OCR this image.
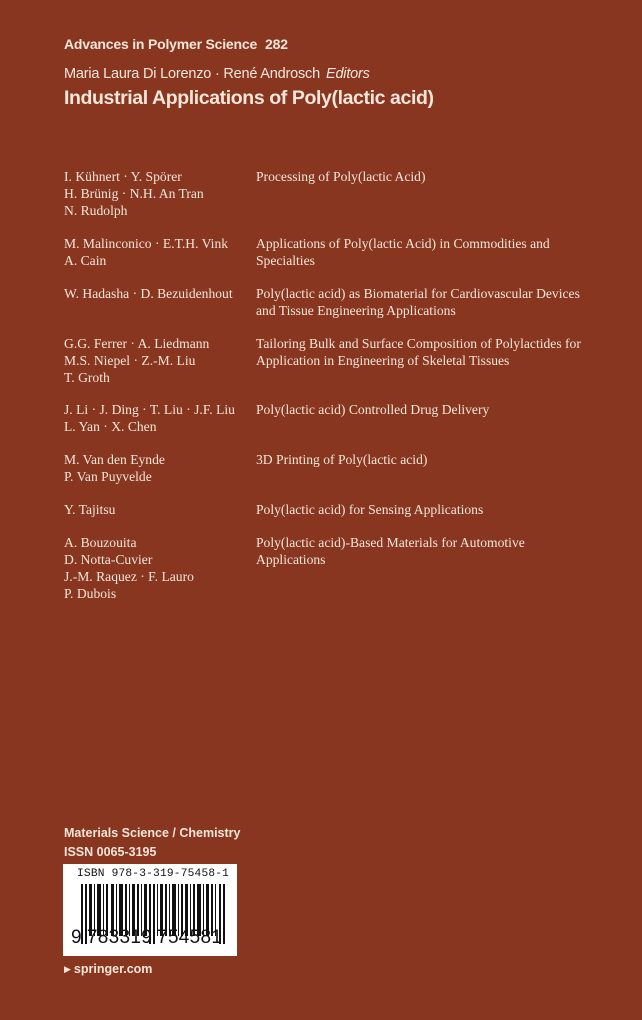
Advances in Polymer Science 282
Maria Laura Di Lorenzo · René Androsch Editors
Industrial Applications of Poly(lactic acid)
I. Kühnert · Y. Spörer
H. Brünig · N.H. An Tran
N. Rudolph
Processing of Poly(lactic Acid)
M. Malinconico · E.T.H. Vink
A. Cain
Applications of Poly(lactic Acid) in Commodities and Specialties
W. Hadasha · D. Bezuidenhout	Poly(lactic acid) as Biomaterial for Cardiovascular Devices and Tissue Engineering Applications
G.G. Ferrer · A. Liedmann
M.S. Niepel · Z.-M. Liu
T. Groth
Tailoring Bulk and Surface Composition of Polylactides for Application in Engineering of Skeletal Tissues
J. Li · J. Ding · T. Liu · J.F. Liu
L. Yan · X. Chen
Poly(lactic acid) Controlled Drug Delivery
M. Van den Eynde
P. Van Puyvelde
3D Printing of Poly(lactic acid)
Y. Tajitsu	Poly(lactic acid) for Sensing Applications
A. Bouzouita
D. Notta-Cuvier
J.-M. Raquez · F. Lauro
P. Dubois
Poly(lactic acid)-Based Materials for Automotive Applications
Materials Science / Chemistry
ISSN 0065-3195
ISBN 978-3-319-75458-1
9 783319 754581
▶ springer.com
